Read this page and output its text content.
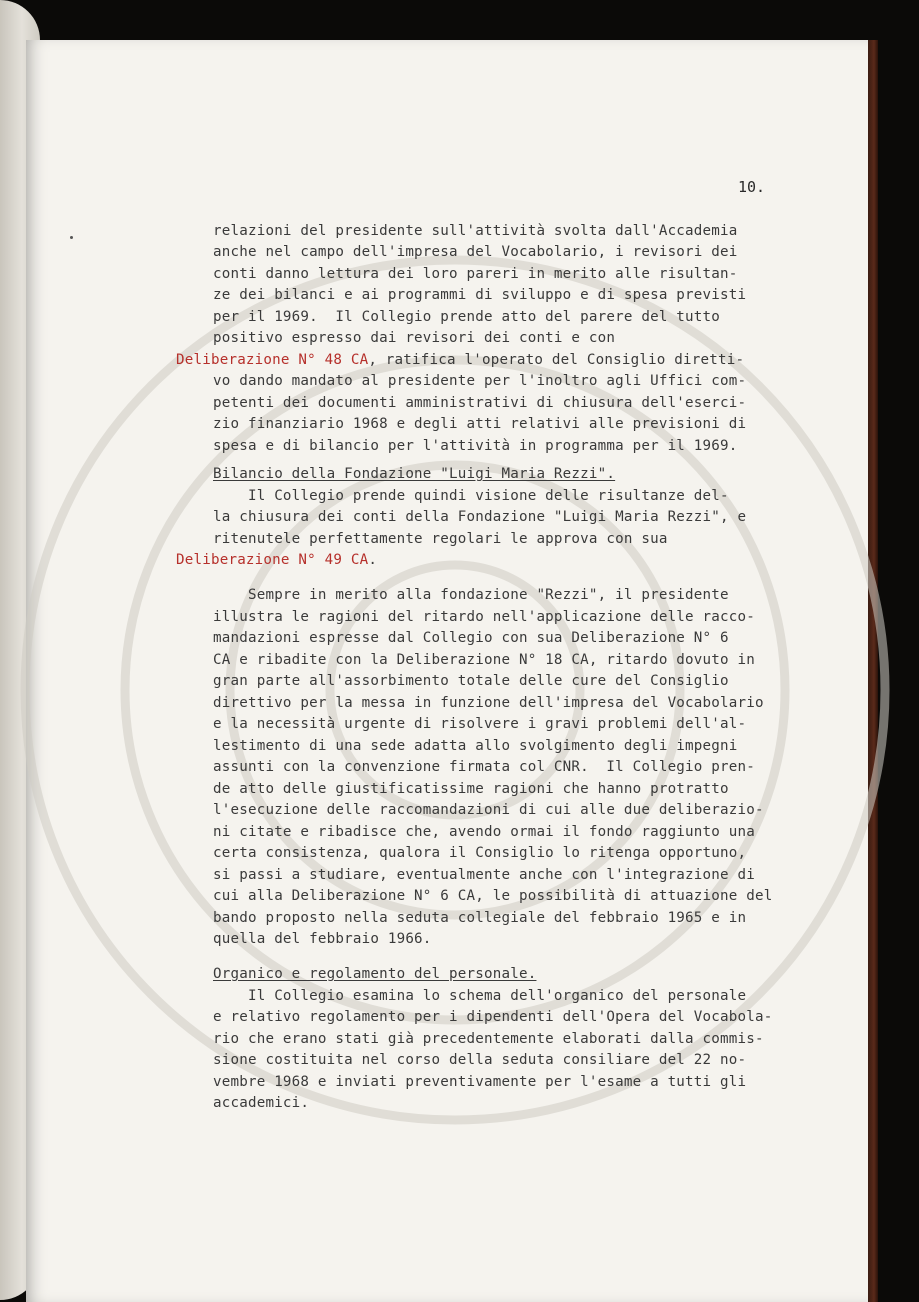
10.
relazioni del presidente sull'attività svolta dall'Accademia
anche nel campo dell'impresa del Vocabolario, i revisori dei
conti danno lettura dei loro pareri in merito alle risultan-
ze dei bilanci e ai programmi di sviluppo e di spesa previsti
per il 1969.  Il Collegio prende atto del parere del tutto
positivo espresso dai revisori dei conti e con
Deliberazione N° 48 CA, ratifica l'operato del Consiglio diretti-
vo dando mandato al presidente per l'inoltro agli Uffici com-
petenti dei documenti amministrativi di chiusura dell'eserci-
zio finanziario 1968 e degli atti relativi alle previsioni di
spesa e di bilancio per l'attività in programma per il 1969.
Bilancio della Fondazione "Luigi Maria Rezzi".
Il Collegio prende quindi visione delle risultanze del-
la chiusura dei conti della Fondazione "Luigi Maria Rezzi", e
ritenutele perfettamente regolari le approva con sua
Deliberazione N° 49 CA.
Sempre in merito alla fondazione "Rezzi", il presidente
illustra le ragioni del ritardo nell'applicazione delle racco-
mandazioni espresse dal Collegio con sua Deliberazione N° 6
CA e ribadite con la Deliberazione N° 18 CA, ritardo dovuto in
gran parte all'assorbimento totale delle cure del Consiglio
direttivo per la messa in funzione dell'impresa del Vocabolario
e la necessità urgente di risolvere i gravi problemi dell'al-
lestimento di una sede adatta allo svolgimento degli impegni
assunti con la convenzione firmata col CNR.  Il Collegio pren-
de atto delle giustificatissime ragioni che hanno protratto
l'esecuzione delle raccomandazioni di cui alle due deliberazio-
ni citate e ribadisce che, avendo ormai il fondo raggiunto una
certa consistenza, qualora il Consiglio lo ritenga opportuno,
si passi a studiare, eventualmente anche con l'integrazione di
cui alla Deliberazione N° 6 CA, le possibilità di attuazione del
bando proposto nella seduta collegiale del febbraio 1965 e in
quella del febbraio 1966.
Organico e regolamento del personale.
Il Collegio esamina lo schema dell'organico del personale
e relativo regolamento per i dipendenti dell'Opera del Vocabola-
rio che erano stati già precedentemente elaborati dalla commis-
sione costituita nel corso della seduta consiliare del 22 no-
vembre 1968 e inviati preventivamente per l'esame a tutti gli
accademici.
